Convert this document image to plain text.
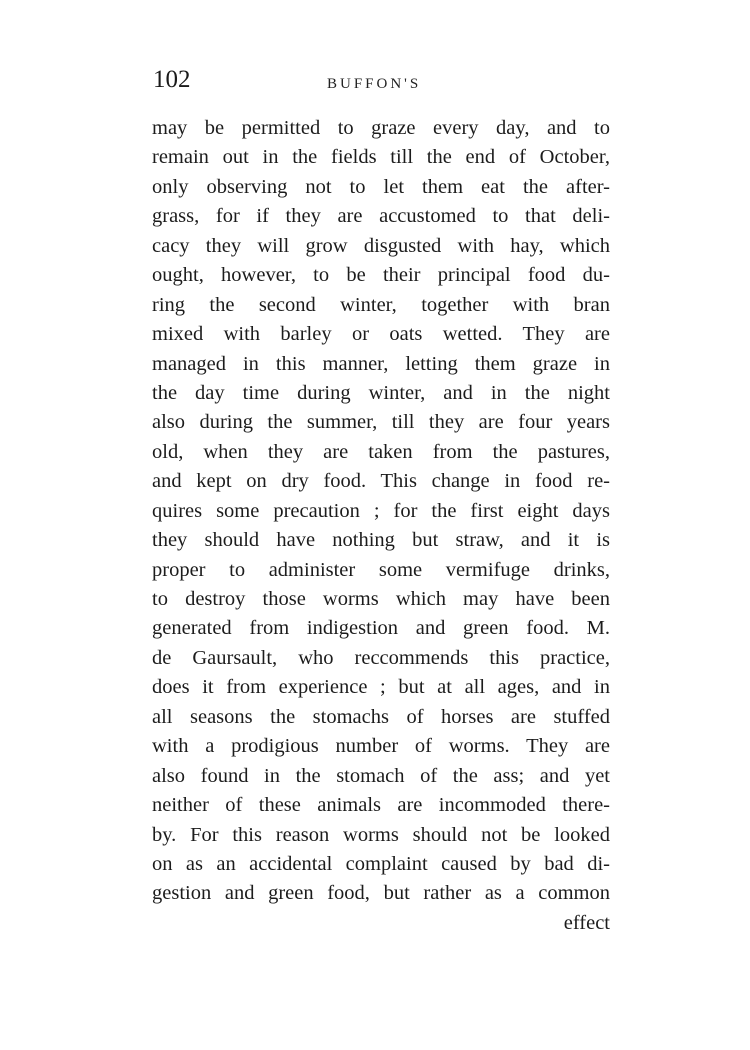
102	BUFFON'S
may be permitted to graze every day, and to
remain out in the fields till the end of October,
only observing not to let them eat the after-
grass, for if they are accustomed to that deli-
cacy they will grow disgusted with hay, which
ought, however, to be their principal food du-
ring the second winter, together with bran
mixed with barley or oats wetted. They are
managed in this manner, letting them graze in
the day time during winter, and in the night
also during the summer, till they are four years
old, when they are taken from the pastures,
and kept on dry food. This change in food re-
quires some precaution ; for the first eight days
they should have nothing but straw, and it is
proper to administer some vermifuge drinks,
to destroy those worms which may have been
generated from indigestion and green food. M.
de Gaursault, who reccommends this practice,
does it from experience ; but at all ages, and in
all seasons the stomachs of horses are stuffed
with a prodigious number of worms. They are
also found in the stomach of the ass; and yet
neither of these animals are incommoded there-
by. For this reason worms should not be looked
on as an accidental complaint caused by bad di-
gestion and green food, but rather as a common
effect
